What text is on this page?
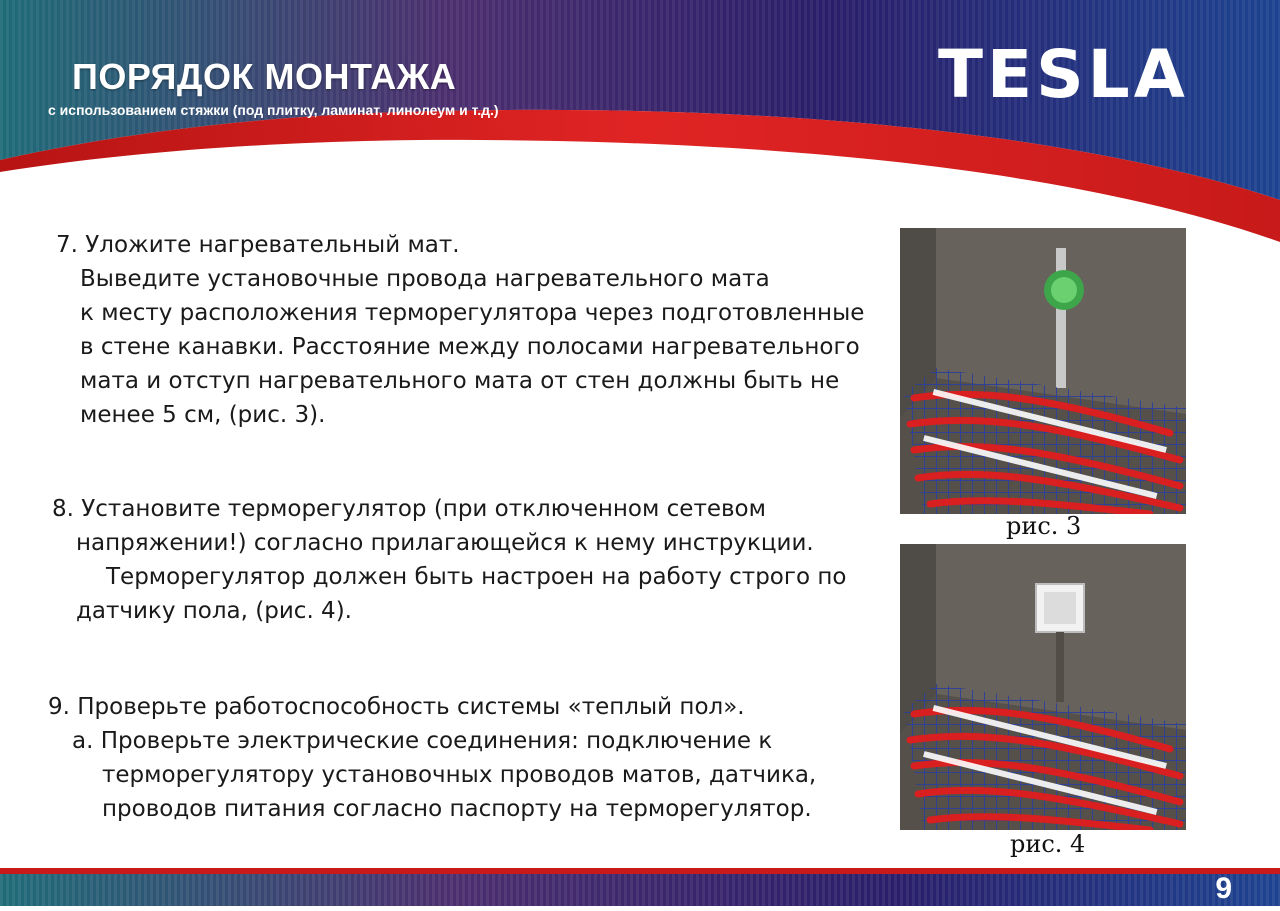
ПОРЯДОК МОНТАЖА
с использованием стяжки (под плитку, ламинат, линолеум и т.д.)	TESLA
7. Уложите нагревательный мат.
Выведите установочные провода нагревательного мата
к месту расположения терморегулятора через подготовленные
в стене канавки. Расстояние между полосами нагревательного
мата и отступ нагревательного мата от стен должны быть не
менее 5 см, (рис. 3).
8. Установите терморегулятор (при отключенном сетевом
напряжении!) согласно прилагающейся к нему инструкции.
Терморегулятор должен быть настроен на работу строго по
датчику пола, (рис. 4).
9. Проверьте работоспособность системы «теплый пол».
а. Проверьте электрические соединения: подключение к
терморегулятору установочных проводов матов, датчика,
проводов питания согласно паспорту на терморегулятор.
рис. 3
рис. 4
9
